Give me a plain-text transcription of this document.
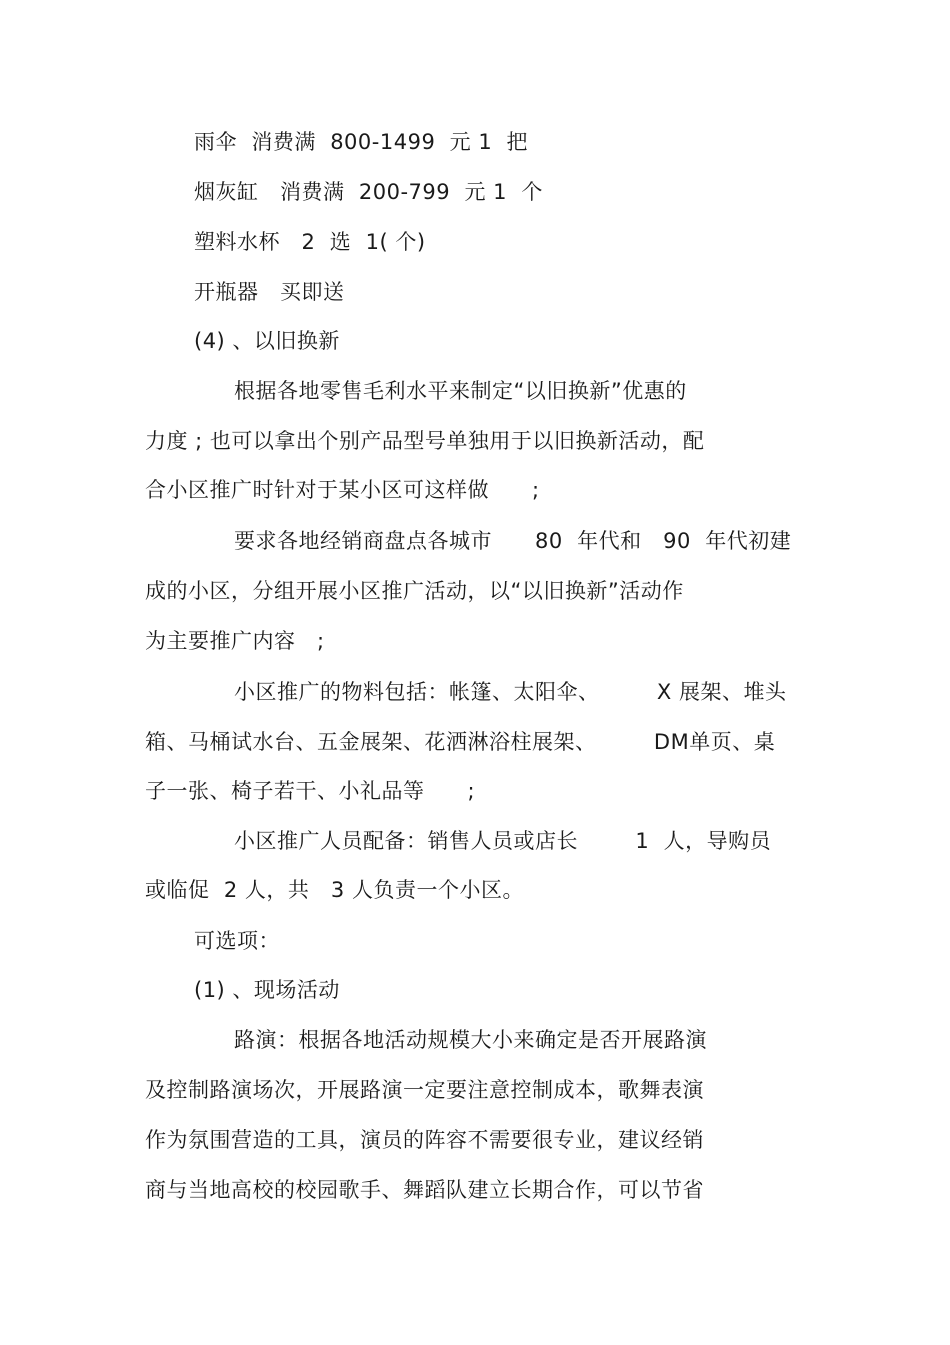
雨伞  消费满  800-1499  元 1  把
烟灰缸   消费满  200-799  元 1  个
塑料水杯   2  选  1( 个)
开瓶器   买即送
(4) 、以旧换新
根据各地零售毛利水平来制定“以旧换新”优惠的
力度 ; 也可以拿出个别产品型号单独用于以旧换新活动，配
合小区推广时针对于某小区可这样做      ;
要求各地经销商盘点各城市      80  年代和   90  年代初建
成的小区，分组开展小区推广活动，以“以旧换新”活动作
为主要推广内容   ;
小区推广的物料包括：帐篷、太阳伞、        X 展架、堆头
箱、马桶试水台、五金展架、花洒淋浴柱展架、        DM单页、桌
子一张、椅子若干、小礼品等      ;
小区推广人员配备：销售人员或店长        1  人，导购员
或临促  2 人，共   3 人负责一个小区。
可选项：
(1) 、现场活动
路演：根据各地活动规模大小来确定是否开展路演
及控制路演场次，开展路演一定要注意控制成本，歌舞表演
作为氛围营造的工具，演员的阵容不需要很专业，建议经销
商与当地高校的校园歌手、舞蹈队建立长期合作，可以节省
